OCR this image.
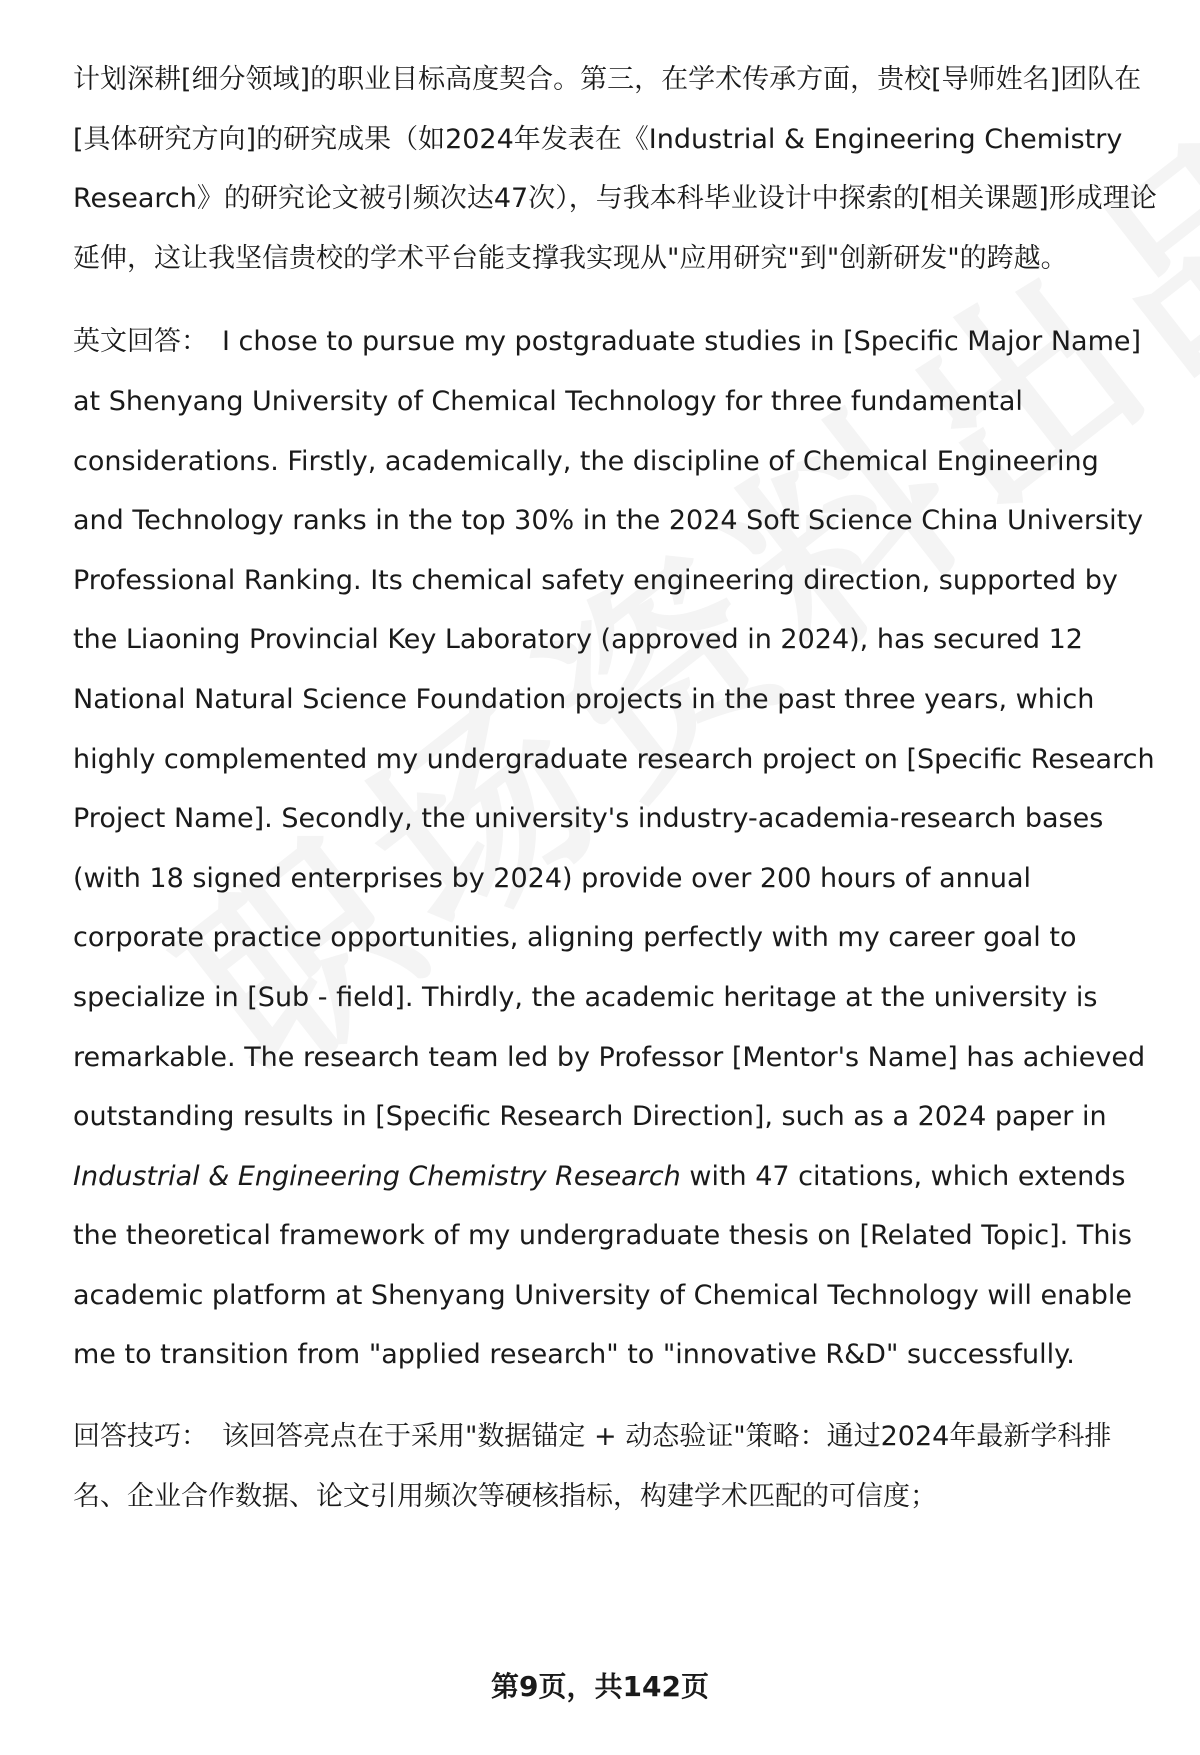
计划深耕[细分领域]的职业目标高度契合。第三，在学术传承方面，贵校[导师姓名]团队在[具体研究方向]的研究成果（如2024年发表在《Industrial & Engineering Chemistry Research》的研究论文被引频次达47次），与我本科毕业设计中探索的[相关课题]形成理论延伸，这让我坚信贵校的学术平台能支撑我实现从"应用研究"到"创新研发"的跨越。

英文回答： I chose to pursue my postgraduate studies in [Specific Major Name] at Shenyang University of Chemical Technology for three fundamental considerations. Firstly, academically, the discipline of Chemical Engineering and Technology ranks in the top 30% in the 2024 Soft Science China University Professional Ranking. Its chemical safety engineering direction, supported by the Liaoning Provincial Key Laboratory (approved in 2024), has secured 12 National Natural Science Foundation projects in the past three years, which highly complemented my undergraduate research project on [Specific Research Project Name]. Secondly, the university's industry-academia-research bases (with 18 signed enterprises by 2024) provide over 200 hours of annual corporate practice opportunities, aligning perfectly with my career goal to specialize in [Sub - field]. Thirdly, the academic heritage at the university is remarkable. The research team led by Professor [Mentor's Name] has achieved outstanding results in [Specific Research Direction], such as a 2024 paper in Industrial & Engineering Chemistry Research with 47 citations, which extends the theoretical framework of my undergraduate thesis on [Related Topic]. This academic platform at Shenyang University of Chemical Technology will enable me to transition from "applied research" to "innovative R&D" successfully.

回答技巧： 该回答亮点在于采用"数据锚定 + 动态验证"策略：通过2024年最新学科排名、企业合作数据、论文引用频次等硬核指标，构建学术匹配的可信度；

第9页，共142页
